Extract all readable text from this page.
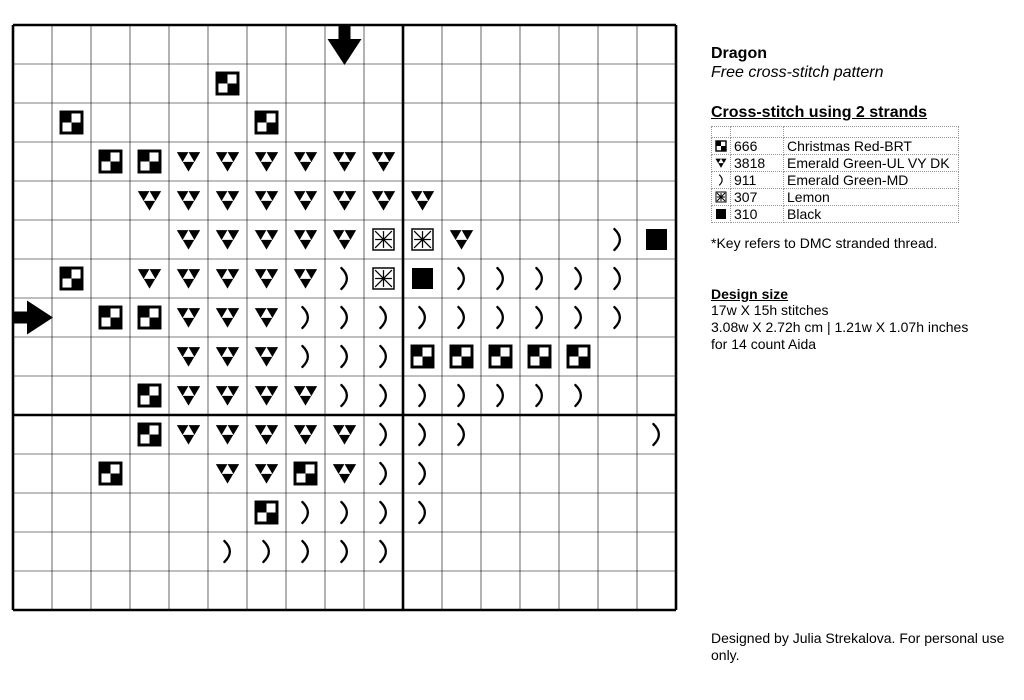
Dragon
Free cross-stitch pattern
Cross-stitch using 2 strands

	666	Christmas Red-BRT

	3818	Emerald Green-UL VY DK

	911	Emerald Green-MD

	307	Lemon

	310	Black
*Key refers to DMC stranded thread.
Design size
17w X 15h stitches
3.08w X 2.72h cm | 1.21w X 1.07h inches
for 14 count Aida
Designed by Julia Strekalova. For personal use only.
